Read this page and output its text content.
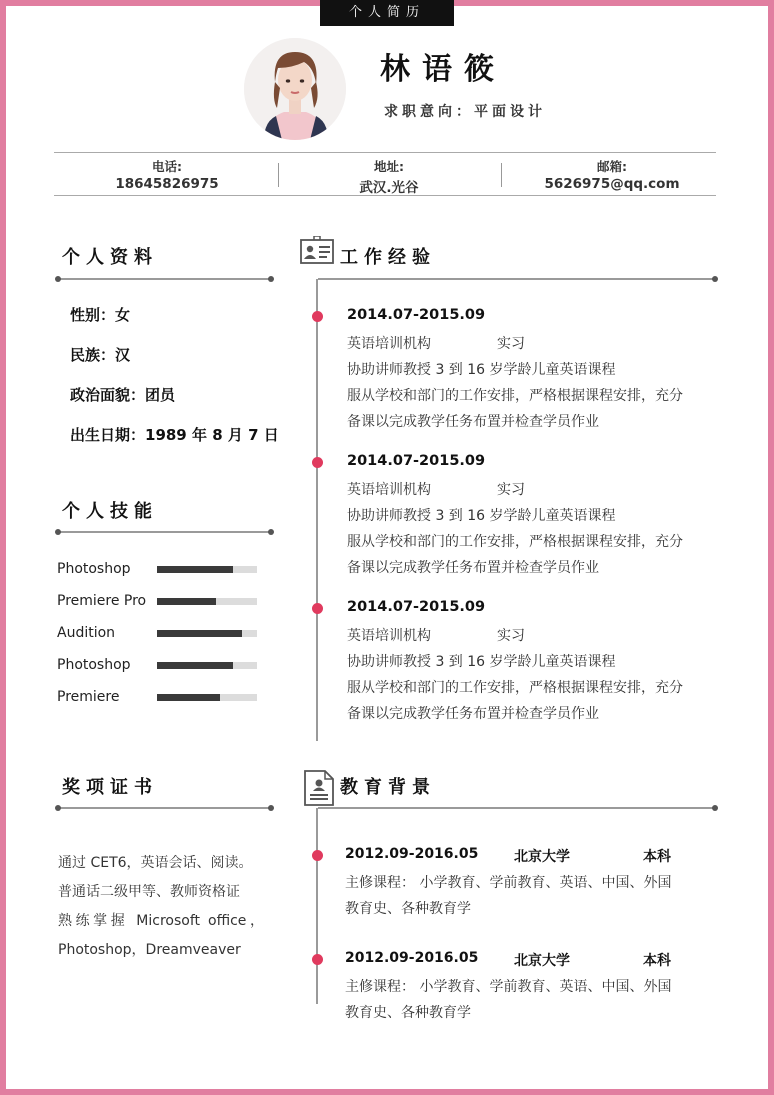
个人简历
林语筱
求职意向：平面设计
电话:
18645826975
地址:
武汉.光谷
邮箱:
5626975@qq.com
个人资料
性别：女
民族：汉
政治面貌：团员
出生日期：1989 年 8 月 7 日
个人技能
工作经验
奖项证书
通过 CET6，英语会话、阅读。
普通话二级甲等、教师资格证
熟练掌握 Microsoft office，
Photoshop，Dreamveaver
教育背景
Photoshop
Premiere Pro
Audition
Photoshop
Premiere
2014.07-2015.09
英语培训机构	实习
协助讲师教授 3 到 16 岁学龄儿童英语课程
服从学校和部门的工作安排，严格根据课程安排，充分
备课以完成教学任务布置并检查学员作业
2014.07-2015.09
英语培训机构	实习
协助讲师教授 3 到 16 岁学龄儿童英语课程
服从学校和部门的工作安排，严格根据课程安排，充分
备课以完成教学任务布置并检查学员作业
2014.07-2015.09
英语培训机构	实习
协助讲师教授 3 到 16 岁学龄儿童英语课程
服从学校和部门的工作安排，严格根据课程安排，充分
备课以完成教学任务布置并检查学员作业
2012.09-2016.05	北京大学	本科
主修课程： 小学教育、学前教育、英语、中国、外国
教育史、各种教育学
2012.09-2016.05	北京大学	本科
主修课程： 小学教育、学前教育、英语、中国、外国
教育史、各种教育学
